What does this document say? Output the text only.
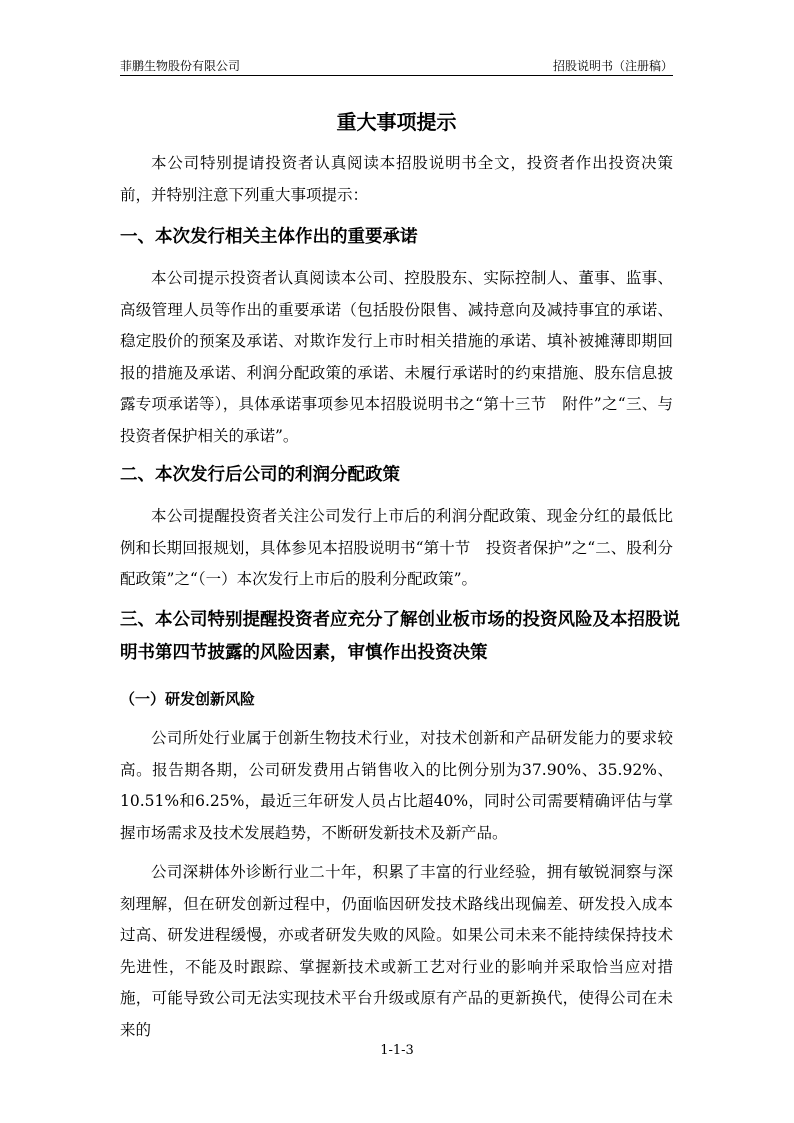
菲鹏生物股份有限公司	招股说明书（注册稿）
重大事项提示

本公司特别提请投资者认真阅读本招股说明书全文，投资者作出投资决策前，并特别注意下列重大事项提示：

一、本次发行相关主体作出的重要承诺

本公司提示投资者认真阅读本公司、控股股东、实际控制人、董事、监事、高级管理人员等作出的重要承诺（包括股份限售、减持意向及减持事宜的承诺、稳定股价的预案及承诺、对欺诈发行上市时相关措施的承诺、填补被摊薄即期回报的措施及承诺、利润分配政策的承诺、未履行承诺时的约束措施、股东信息披露专项承诺等），具体承诺事项参见本招股说明书之“第十三节　附件”之“三、与投资者保护相关的承诺”。

二、本次发行后公司的利润分配政策

本公司提醒投资者关注公司发行上市后的利润分配政策、现金分红的最低比例和长期回报规划，具体参见本招股说明书“第十节　投资者保护”之“二、股利分配政策”之“（一）本次发行上市后的股利分配政策”。

三、本公司特别提醒投资者应充分了解创业板市场的投资风险及本招股说明书第四节披露的风险因素，审慎作出投资决策
（一）研发创新风险

公司所处行业属于创新生物技术行业，对技术创新和产品研发能力的要求较高。报告期各期，公司研发费用占销售收入的比例分别为37.90%、35.92%、10.51%和6.25%，最近三年研发人员占比超40%，同时公司需要精确评估与掌握市场需求及技术发展趋势，不断研发新技术及新产品。

公司深耕体外诊断行业二十年，积累了丰富的行业经验，拥有敏锐洞察与深刻理解，但在研发创新过程中，仍面临因研发技术路线出现偏差、研发投入成本过高、研发进程缓慢，亦或者研发失败的风险。如果公司未来不能持续保持技术先进性，不能及时跟踪、掌握新技术或新工艺对行业的影响并采取恰当应对措施，可能导致公司无法实现技术平台升级或原有产品的更新换代，使得公司在未来的

1-1-3
